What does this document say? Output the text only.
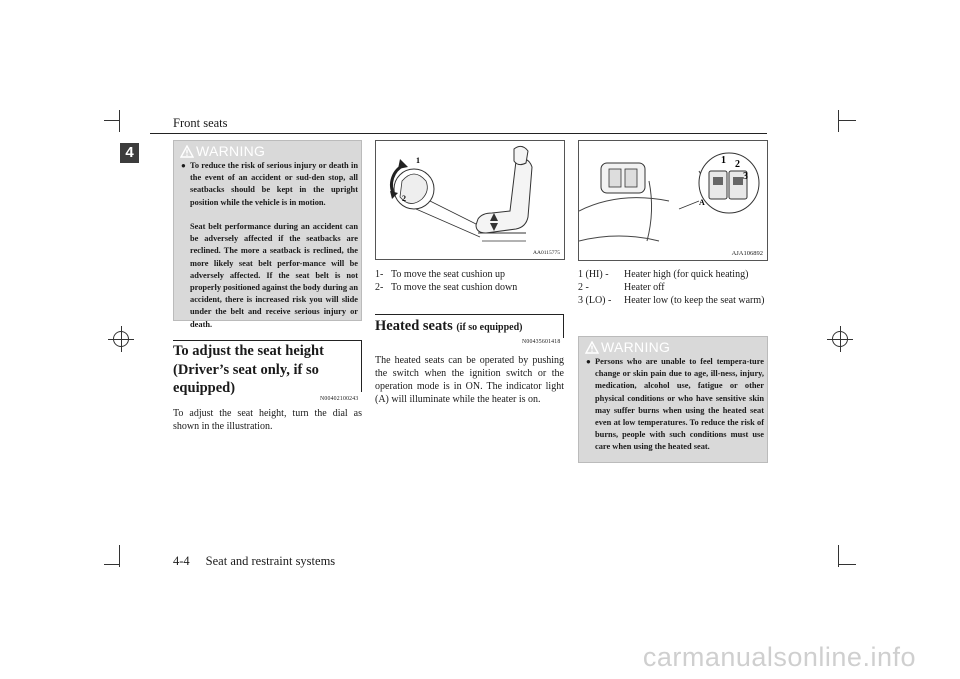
Front seats
4	WARNING
● To reduce the risk of serious injury or death in the event of an accident or sud-den stop, all seatbacks should be kept in the upright position while the vehicle is in motion.
Seat belt performance during an accident can be adversely affected if the seatbacks are reclined. The more a seatback is reclined, the more likely seat belt perfor-mance will be adversely affected. If the seat belt is not properly positioned against the body during an accident, there is increased risk you will slide under the belt and receive serious injury or death.
To adjust the seat height (Driver’s seat only, if so equipped)
N00402100243
To adjust the seat height, turn the dial as shown in the illustration.
1
2
AA0115775
1- To move the seat cushion up
2- To move the seat cushion down
Heated seats (if so equipped)
N00435601418
The heated seats can be operated by pushing the switch when the ignition switch or the operation mode is in ON. The indicator light (A) will illuminate while the heater is on.
1 2
3
A
AJA106892
1 (HI) -	Heater high (for quick heating)
2 -	Heater off
3 (LO) -	Heater low (to keep the seat warm)
WARNING
● Persons who are unable to feel tempera-ture change or skin pain due to age, ill-ness, injury, medication, alcohol use, fatigue or other physical conditions or who have sensitive skin may suffer burns when using the heated seat even at low temperatures. To reduce the risk of burns, people with such conditions must use care when using the heated seat.
4-4 Seat and restraint systems
carmanualsonline.info
